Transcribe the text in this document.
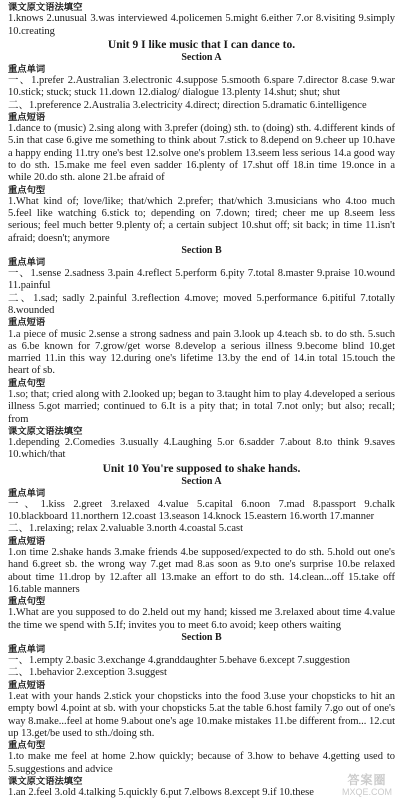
课文原文语法填空

1.knows 2.unusual 3.was interviewed 4.policemen 5.might 6.either 7.or 8.visiting 9.simply 10.creating

Unit 9 I like music that I can dance to.

Section A

重点单词

一、1.prefer 2.Australian 3.electronic 4.suppose 5.smooth 6.spare 7.director 8.case 9.war 10.stick; stuck; stuck 11.down 12.dialog/ dialogue 13.plenty 14.shut; shut; shut

二、1.preference 2.Australia 3.electricity 4.direct; direction 5.dramatic 6.intelligence

重点短语

1.dance to (music) 2.sing along with 3.prefer (doing) sth. to (doing) sth. 4.different kinds of 5.in that case 6.give me something to think about 7.stick to 8.depend on 9.cheer up 10.have a happy ending 11.try one's best 12.solve one's problem 13.seem less serious 14.a good way to do sth. 15.make me feel even sadder 16.plenty of 17.shut off 18.in time 19.once in a while 20.do sth. alone 21.be afraid of

重点句型

1.What kind of; love/like; that/which 2.prefer; that/which 3.musicians who 4.too much 5.feel like watching 6.stick to; depending on 7.down; tired; cheer me up 8.seem less serious; feel much better 9.plenty of; a certain subject 10.shut off; sit back; in time 11.isn't afraid; doesn't; anymore

Section B

重点单词

一、1.sense 2.sadness 3.pain 4.reflect 5.perform 6.pity 7.total 8.master 9.praise 10.wound 11.painful

二、1.sad; sadly 2.painful 3.reflection 4.move; moved 5.performance 6.pitiful 7.totally 8.wounded

重点短语

1.a piece of music 2.sense a strong sadness and pain 3.look up 4.teach sb. to do sth. 5.such as 6.be known for 7.grow/get worse 8.develop a serious illness 9.become blind 10.get married 11.in this way 12.during one's lifetime 13.by the end of 14.in total 15.touch the heart of sb.

重点句型

1.so; that; cried along with 2.looked up; began to 3.taught him to play 4.developed a serious illness 5.got married; continued to 6.It is a pity that; in total 7.not only; but also; recall; from

课文原文语法填空

1.depending 2.Comedies 3.usually 4.Laughing 5.or 6.sadder 7.about 8.to think 9.saves 10.which/that

Unit 10 You're supposed to shake hands.

Section A

重点单词

一、1.kiss 2.greet 3.relaxed 4.value 5.capital 6.noon 7.mad 8.passport 9.chalk 10.blackboard 11.northern 12.coast 13.season 14.knock 15.eastern 16.worth 17.manner

二、1.relaxing; relax 2.valuable 3.north 4.coastal 5.cast

重点短语

1.on time 2.shake hands 3.make friends 4.be supposed/expected to do sth. 5.hold out one's hand 6.greet sb. the wrong way 7.get mad 8.as soon as 9.to one's surprise 10.be relaxed about time 11.drop by 12.after all 13.make an effort to do sth. 14.clean...off 15.take off 16.table manners

重点句型

1.What are you supposed to do 2.held out my hand; kissed me 3.relaxed about time 4.value the time we spend with 5.If; invites you to meet 6.to avoid; keep others waiting

Section B

重点单词

一、1.empty 2.basic 3.exchange 4.granddaughter 5.behave 6.except 7.suggestion

二、1.behavior 2.exception 3.suggest

重点短语

1.eat with your hands 2.stick your chopsticks into the food 3.use your chopsticks to hit an empty bowl 4.point at sb. with your chopsticks 5.at the table 6.host family 7.go out of one's way 8.make...feel at home 9.about one's age 10.make mistakes 11.be different from... 12.cut up 13.get/be used to sth./doing sth.

重点句型

1.to make me feel at home 2.how quickly; because of 3.how to behave 4.getting used to 5.suggestions and advice

课文原文语法填空

1.an 2.feel 3.old 4.talking 5.quickly 6.put 7.elbows 8.except 9.if 10.these

答案圈
MXQE.COM
